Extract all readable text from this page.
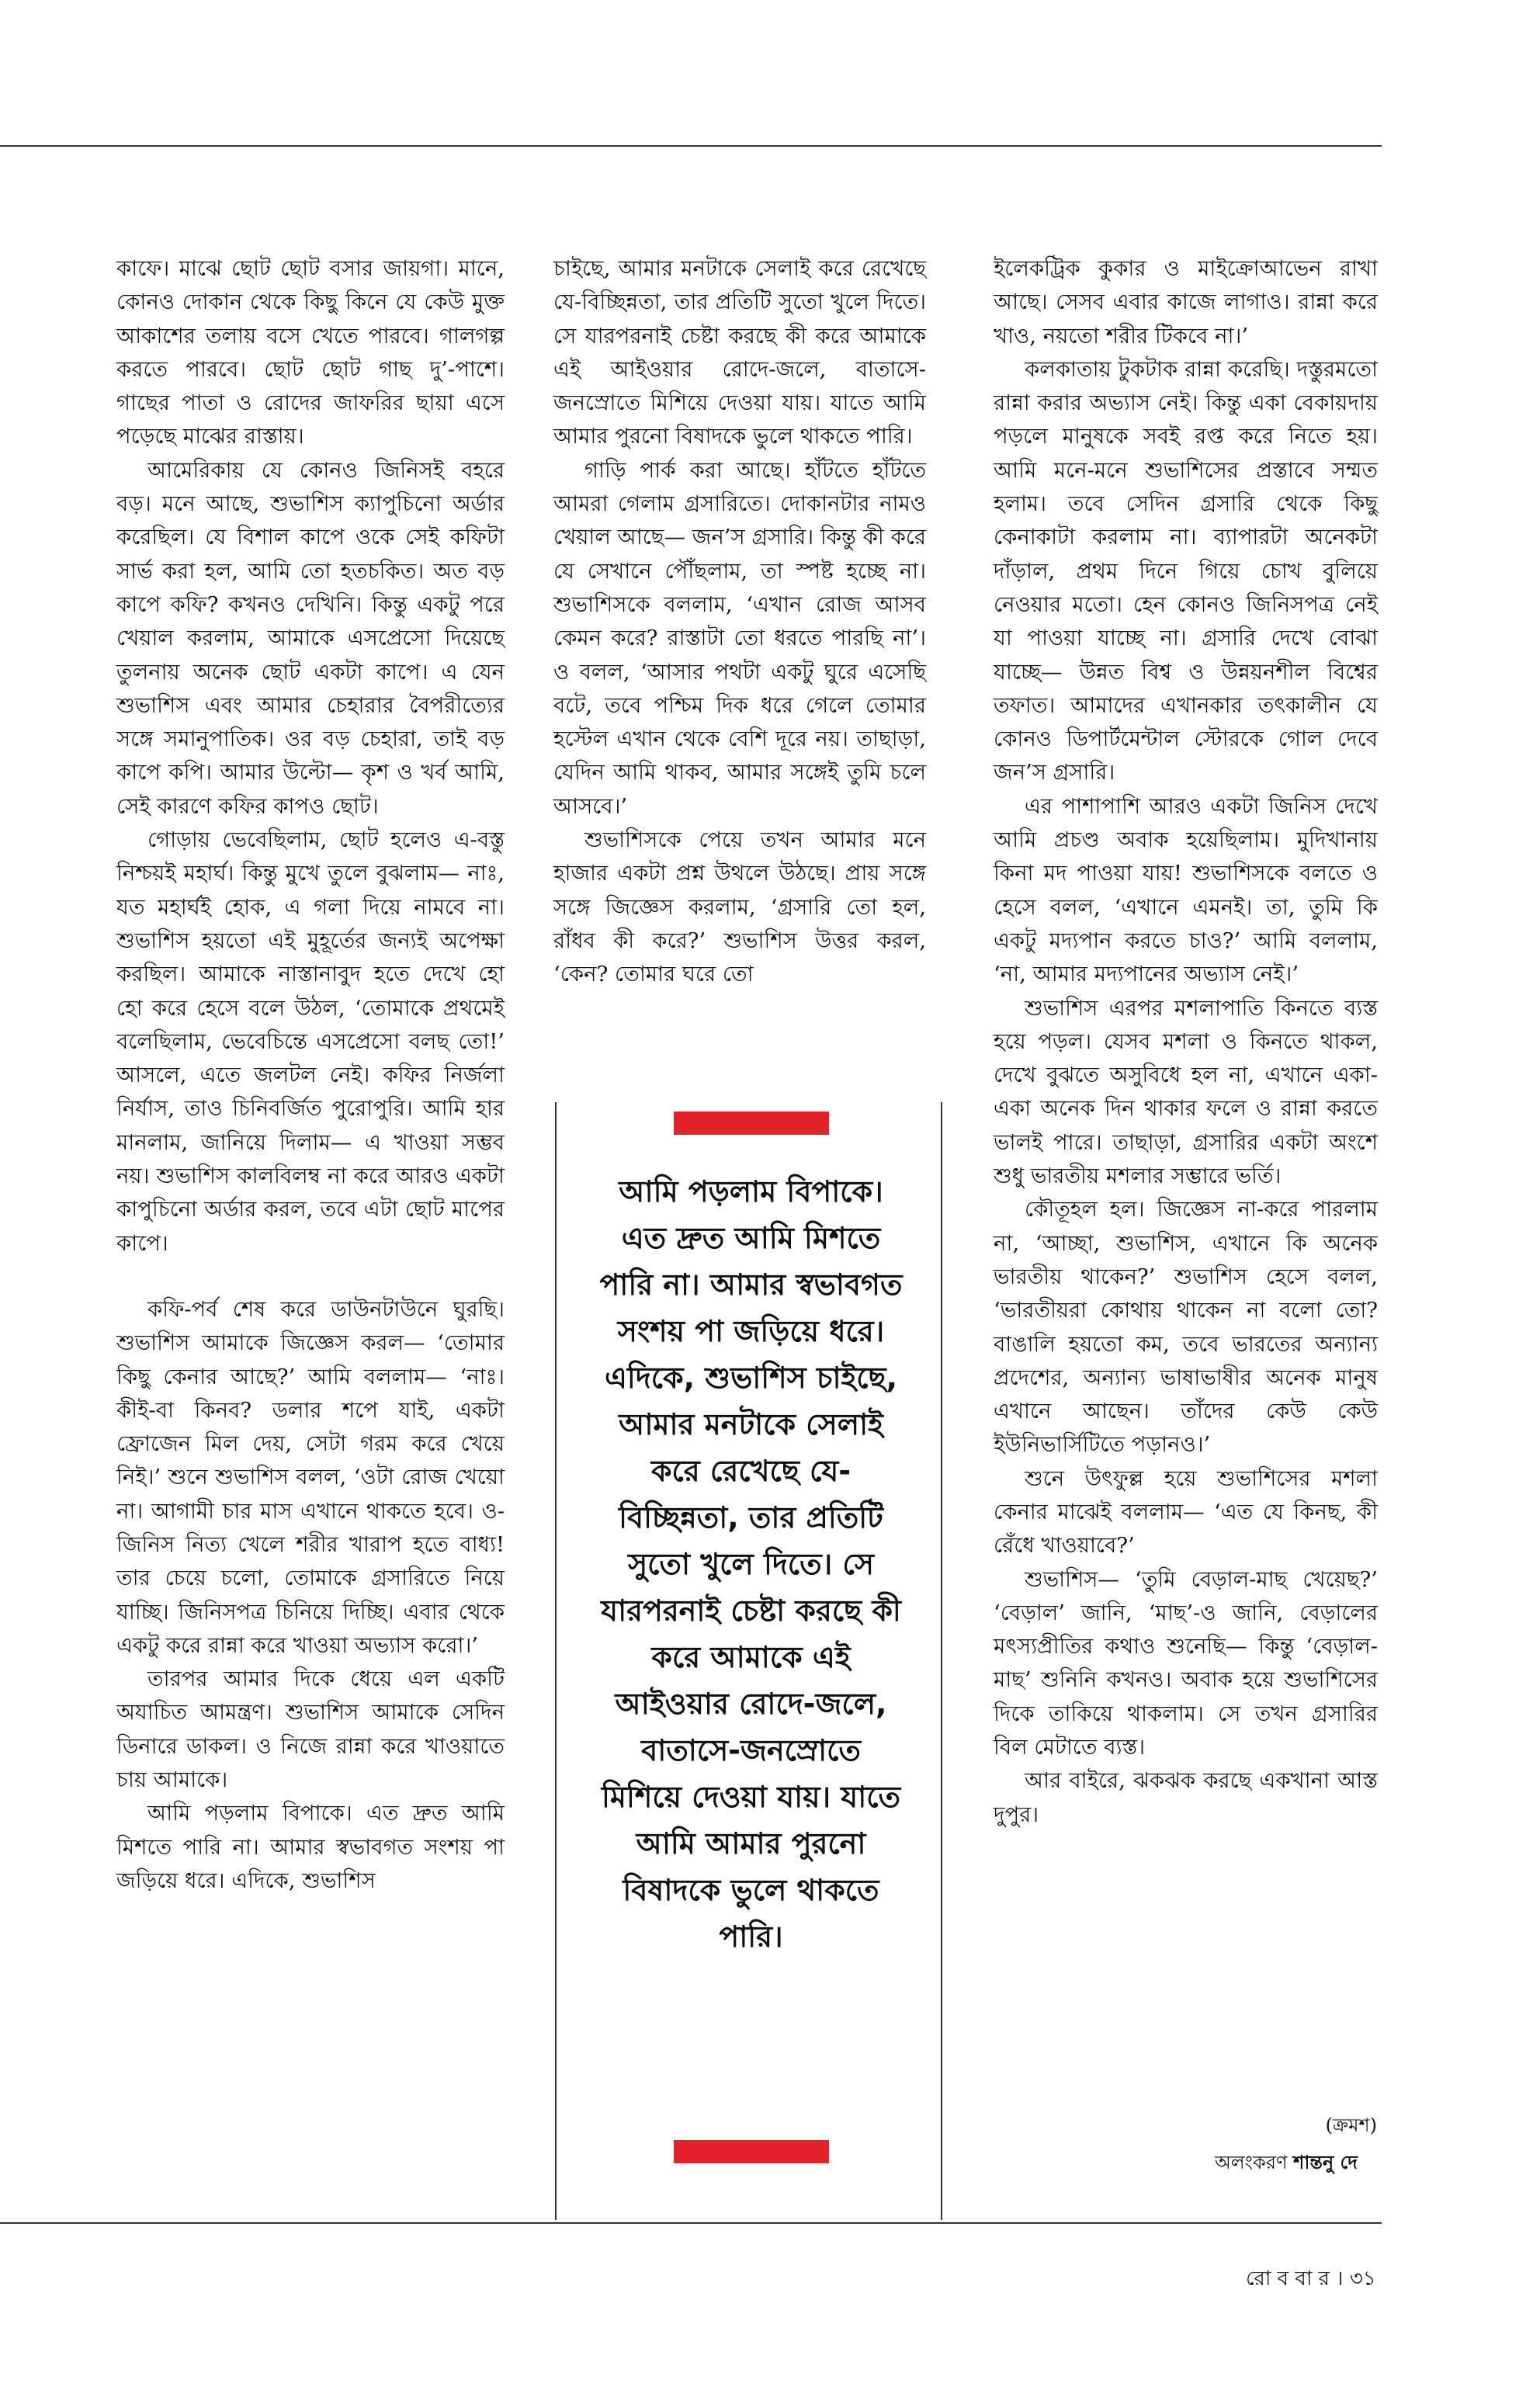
কাফে। মাঝে ছোট ছোট বসার জায়গা। মানে, কোনও দোকান থেকে কিছু কিনে যে কেউ মুক্ত আকাশের তলায় বসে খেতে পারবে। গালগল্প করতে পারবে। ছোট ছোট গাছ দু’-পাশে। গাছের পাতা ও রোদের জাফরির ছায়া এসে পড়েছে মাঝের রাস্তায়।

আমেরিকায় যে কোনও জিনিসই বহরে বড়। মনে আছে, শুভাশিস ক্যাপুচিনো অর্ডার করেছিল। যে বিশাল কাপে ওকে সেই কফিটা সার্ভ করা হল, আমি তো হতচকিত। অত বড় কাপে কফি? কখনও দেখিনি। কিন্তু একটু পরে খেয়াল করলাম, আমাকে এসপ্রেসো দিয়েছে তুলনায় অনেক ছোট একটা কাপে। এ যেন শুভাশিস এবং আমার চেহারার বৈপরীত্যের সঙ্গে সমানুপাতিক। ওর বড় চেহারা, তাই বড় কাপে কপি। আমার উল্টো— কৃশ ও খর্ব আমি, সেই কারণে কফির কাপও ছোট।

গোড়ায় ভেবেছিলাম, ছোট হলেও এ-বস্তু নিশ্চয়ই মহার্ঘ। কিন্তু মুখে তুলে বুঝলাম— নাঃ, যত মহার্ঘই হোক, এ গলা দিয়ে নামবে না। শুভাশিস হয়তো এই মুহূর্তের জন্যই অপেক্ষা করছিল। আমাকে নাস্তানাবুদ হতে দেখে হো হো করে হেসে বলে উঠল, ‘তোমাকে প্রথমেই বলেছিলাম, ভেবেচিন্তে এসপ্রেসো বলছ তো!’ আসলে, এতে জলটল নেই। কফির নির্জলা নির্যাস, তাও চিনিবর্জিত পুরোপুরি। আমি হার মানলাম, জানিয়ে দিলাম— এ খাওয়া সম্ভব নয়। শুভাশিস কালবিলম্ব না করে আরও একটা কাপুচিনো অর্ডার করল, তবে এটা ছোট মাপের কাপে।

কফি-পর্ব শেষ করে ডাউনটাউনে ঘুরছি। শুভাশিস আমাকে জিজ্ঞেস করল— ‘তোমার কিছু কেনার আছে?’ আমি বললাম— ‘নাঃ। কীই-বা কিনব? ডলার শপে যাই, একটা ফ্রোজেন মিল দেয়, সেটা গরম করে খেয়ে নিই।’ শুনে শুভাশিস বলল, ‘ওটা রোজ খেয়ো না। আগামী চার মাস এখানে থাকতে হবে। ও-জিনিস নিত্য খেলে শরীর খারাপ হতে বাধ্য! তার চেয়ে চলো, তোমাকে গ্রসারিতে নিয়ে যাচ্ছি। জিনিসপত্র চিনিয়ে দিচ্ছি। এবার থেকে একটু করে রান্না করে খাওয়া অভ্যাস করো।’

তারপর আমার দিকে ধেয়ে এল একটি অযাচিত আমন্ত্রণ। শুভাশিস আমাকে সেদিন ডিনারে ডাকল। ও নিজে রান্না করে খাওয়াতে চায় আমাকে।

আমি পড়লাম বিপাকে। এত দ্রুত আমি মিশতে পারি না। আমার স্বভাবগত সংশয় পা জড়িয়ে ধরে। এদিকে, শুভাশিস

চাইছে, আমার মনটাকে সেলাই করে রেখেছে যে-বিচ্ছিন্নতা, তার প্রতিটি সুতো খুলে দিতে। সে যারপরনাই চেষ্টা করছে কী করে আমাকে এই আইওয়ার রোদে-জলে, বাতাসে-জনস্রোতে মিশিয়ে দেওয়া যায়। যাতে আমি আমার পুরনো বিষাদকে ভুলে থাকতে পারি।

গাড়ি পার্ক করা আছে। হাঁটতে হাঁটতে আমরা গেলাম গ্রসারিতে। দোকানটার নামও খেয়াল আছে— জন’স গ্রসারি। কিন্তু কী করে যে সেখানে পৌঁছলাম, তা স্পষ্ট হচ্ছে না। শুভাশিসকে বললাম, ‘এখান রোজ আসব কেমন করে? রাস্তাটা তো ধরতে পারছি না’। ও বলল, ‘আসার পথটা একটু ঘুরে এসেছি বটে, তবে পশ্চিম দিক ধরে গেলে তোমার হস্টেল এখান থেকে বেশি দূরে নয়। তাছাড়া, যেদিন আমি থাকব, আমার সঙ্গেই তুমি চলে আসবে।’

শুভাশিসকে পেয়ে তখন আমার মনে হাজার একটা প্রশ্ন উথলে উঠছে। প্রায় সঙ্গে সঙ্গে জিজ্ঞেস করলাম, ‘গ্রসারি তো হল, রাঁধব কী করে?’ শুভাশিস উত্তর করল, ‘কেন? তোমার ঘরে তো

ইলেকট্রিক কুকার ও মাইক্রোআভেন রাখা আছে। সেসব এবার কাজে লাগাও। রান্না করে খাও, নয়তো শরীর টিকবে না।’

কলকাতায় টুকটাক রান্না করেছি। দস্তুরমতো রান্না করার অভ্যাস নেই। কিন্তু একা বেকায়দায় পড়লে মানুষকে সবই রপ্ত করে নিতে হয়। আমি মনে-মনে শুভাশিসের প্রস্তাবে সম্মত হলাম। তবে সেদিন গ্রসারি থেকে কিছু কেনাকাটা করলাম না। ব্যাপারটা অনেকটা দাঁড়াল, প্রথম দিনে গিয়ে চোখ বুলিয়ে নেওয়ার মতো। হেন কোনও জিনিসপত্র নেই যা পাওয়া যাচ্ছে না। গ্রসারি দেখে বোঝা যাচ্ছে— উন্নত বিশ্ব ও উন্নয়নশীল বিশ্বের তফাত। আমাদের এখানকার তৎকালীন যে কোনও ডিপার্টমেন্টাল স্টোরকে গোল দেবে জন’স গ্রসারি।

এর পাশাপাশি আরও একটা জিনিস দেখে আমি প্রচণ্ড অবাক হয়েছিলাম। মুদিখানায় কিনা মদ পাওয়া যায়! শুভাশিসকে বলতে ও হেসে বলল, ‘এখানে এমনই। তা, তুমি কি একটু মদ্যপান করতে চাও?’ আমি বললাম, ‘না, আমার মদ্যপানের অভ্যাস নেই।’

শুভাশিস এরপর মশলাপাতি কিনতে ব্যস্ত হয়ে পড়ল। যেসব মশলা ও কিনতে থাকল, দেখে বুঝতে অসুবিধে হল না, এখানে একা-একা অনেক দিন থাকার ফলে ও রান্না করতে ভালই পারে। তাছাড়া, গ্রসারির একটা অংশে শুধু ভারতীয় মশলার সম্ভারে ভর্তি।

কৌতূহল হল। জিজ্ঞেস না-করে পারলাম না, ‘আচ্ছা, শুভাশিস, এখানে কি অনেক ভারতীয় থাকেন?’ শুভাশিস হেসে বলল, ‘ভারতীয়রা কোথায় থাকেন না বলো তো? বাঙালি হয়তো কম, তবে ভারতের অন্যান্য প্রদেশের, অন্যান্য ভাষাভাষীর অনেক মানুষ এখানে আছেন। তাঁদের কেউ কেউ ইউনিভার্সিটিতে পড়ানও।’

শুনে উৎফুল্ল হয়ে শুভাশিসের মশলা কেনার মাঝেই বললাম— ‘এত যে কিনছ, কী রেঁধে খাওয়াবে?’

শুভাশিস— ‘তুমি বেড়াল-মাছ খেয়েছ?’ ‘বেড়াল’ জানি, ‘মাছ’-ও জানি, বেড়ালের মৎস্যপ্রীতির কথাও শুনেছি— কিন্তু ‘বেড়াল-মাছ’ শুনিনি কখনও। অবাক হয়ে শুভাশিসের দিকে তাকিয়ে থাকলাম। সে তখন গ্রসারির বিল মেটাতে ব্যস্ত।

আর বাইরে, ঝকঝক করছে একখানা আস্ত দুপুর।

আমি পড়লাম বিপাকে। এত দ্রুত আমি মিশতে পারি না। আমার স্বভাবগত সংশয় পা জড়িয়ে ধরে। এদিকে, শুভাশিস চাইছে, আমার মনটাকে সেলাই করে রেখেছে যে-বিচ্ছিন্নতা, তার প্রতিটি সুতো খুলে দিতে। সে যারপরনাই চেষ্টা করছে কী করে আমাকে এই আইওয়ার রোদে-জলে, বাতাসে-জনস্রোতে মিশিয়ে দেওয়া যায়। যাতে আমি আমার পুরনো বিষাদকে ভুলে থাকতে পারি।

(ক্রমশ)
অলংকরণ শান্তনু দে
রো ব বা র । ৩১
